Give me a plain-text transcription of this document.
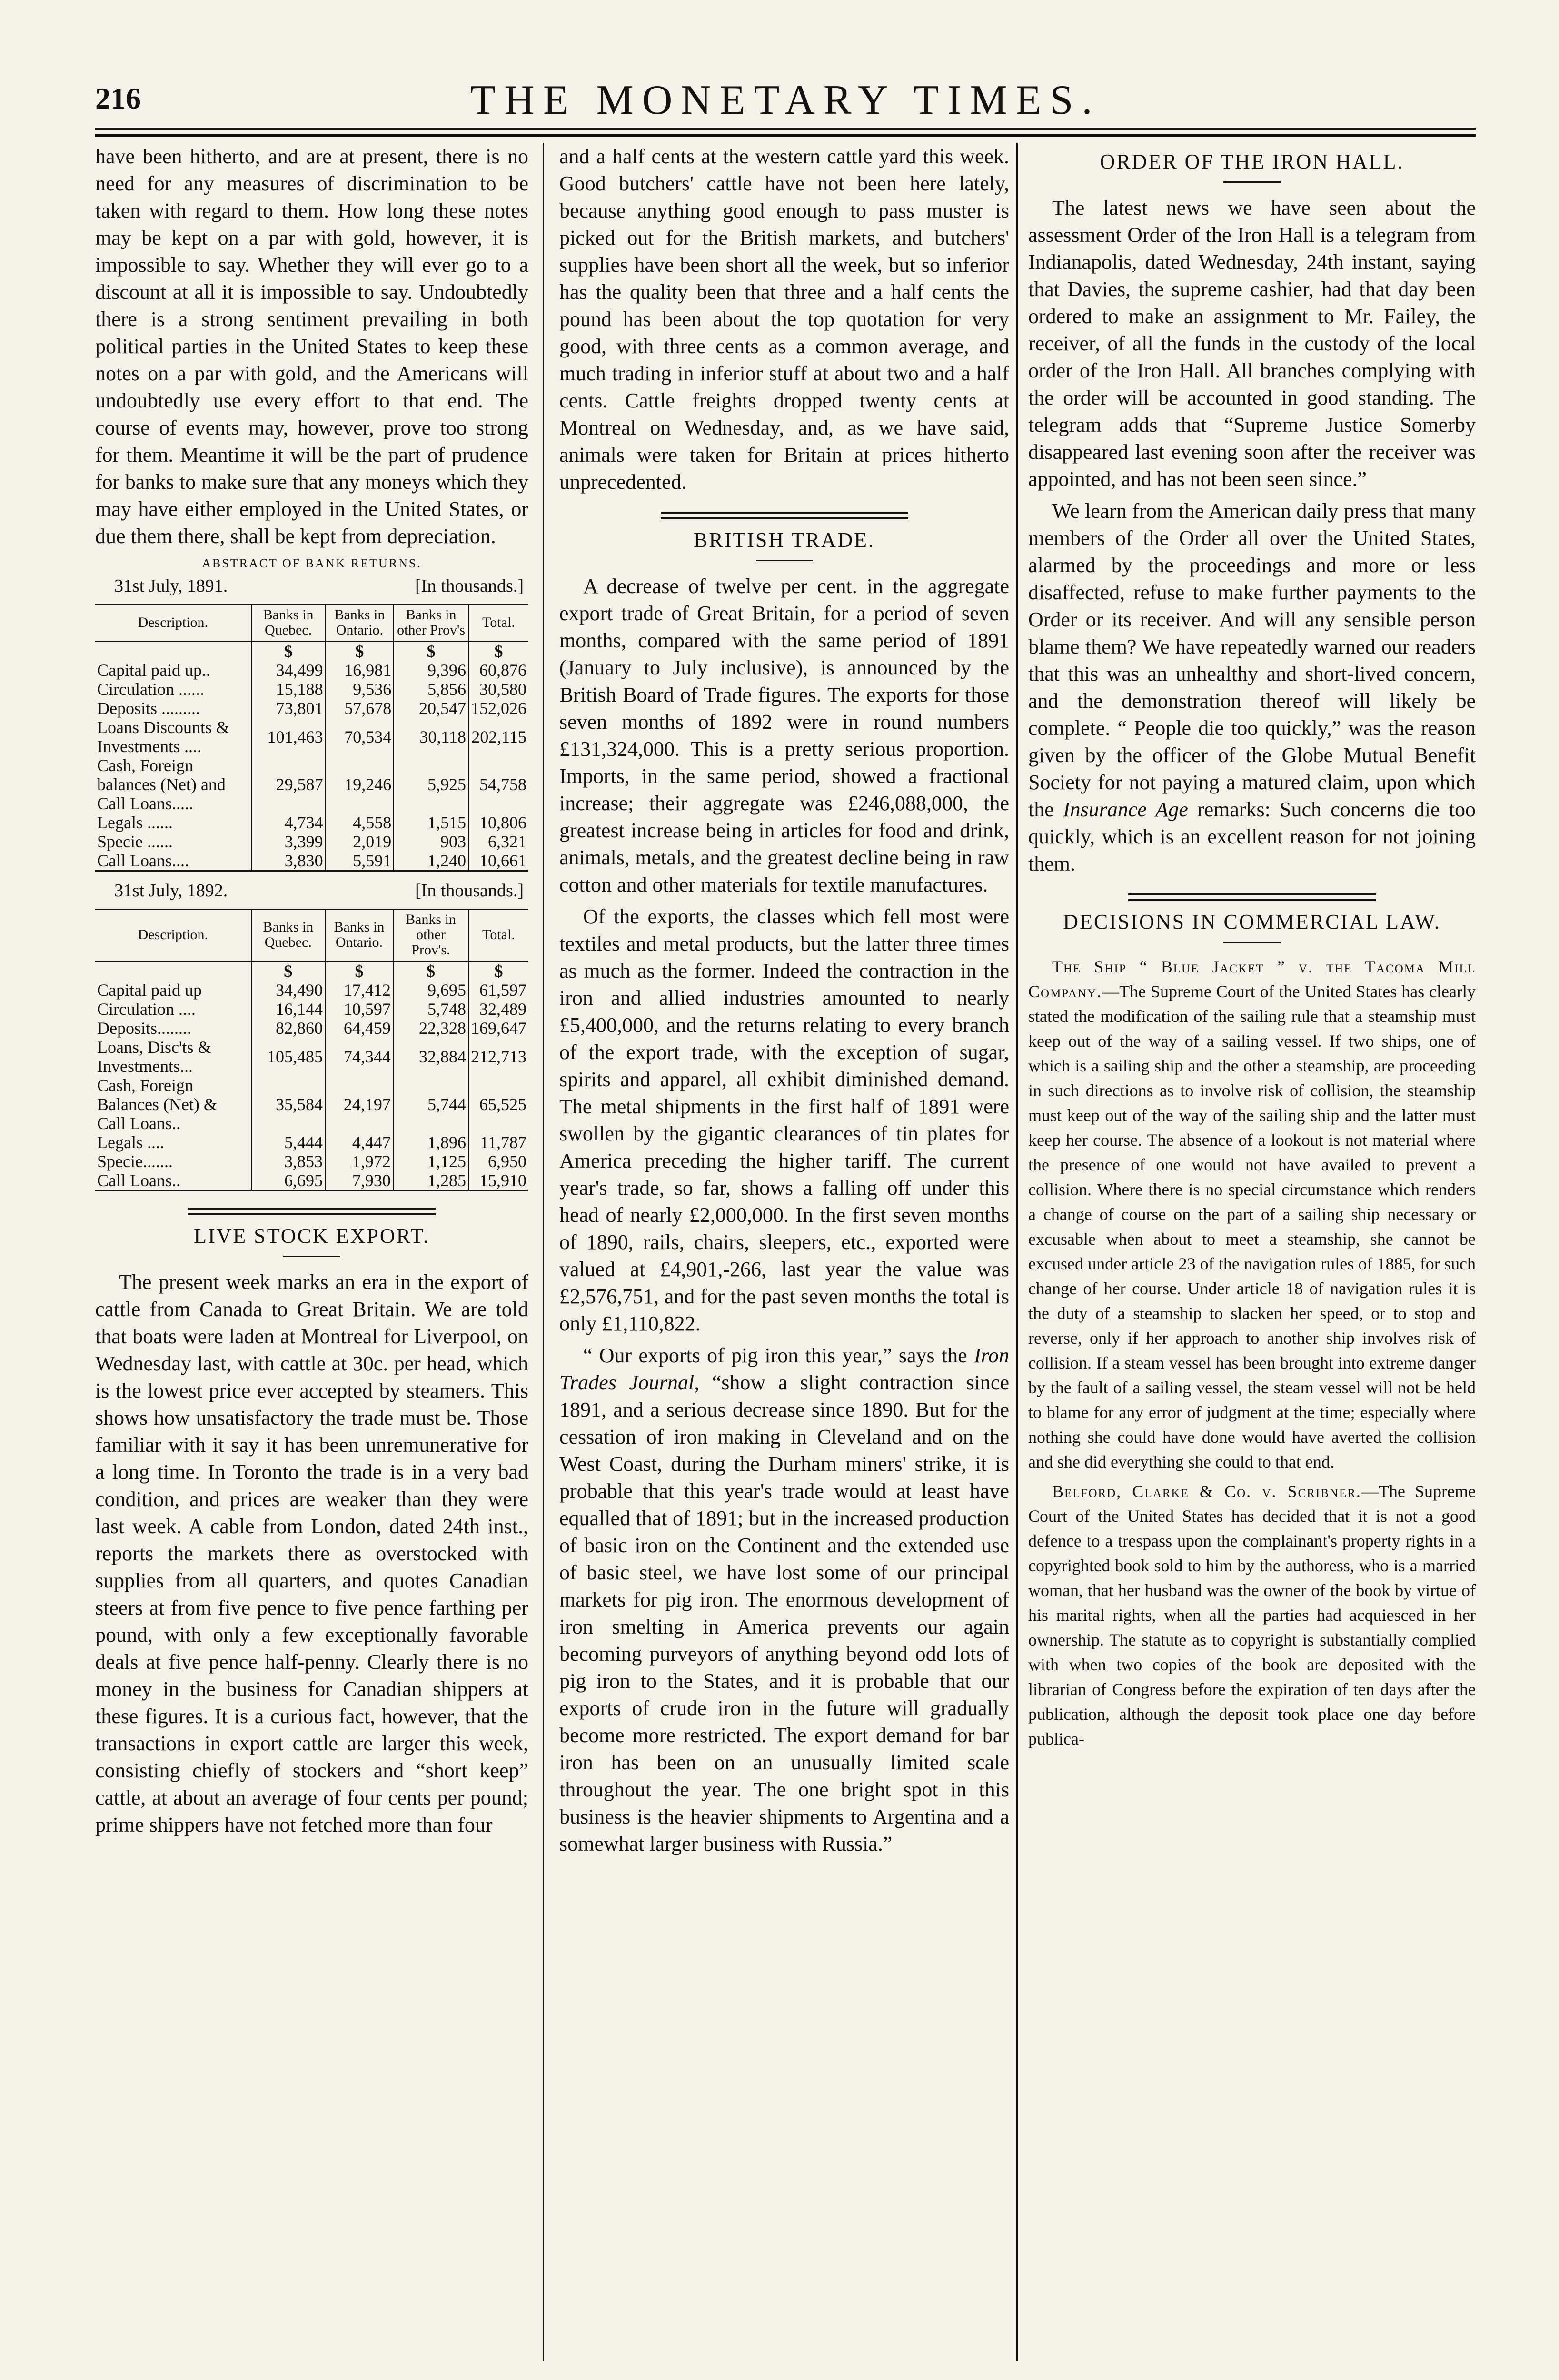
216	THE MONETARY TIMES.

have been hitherto, and are at present, there is no need for any measures of discrimination to be taken with regard to them. How long these notes may be kept on a par with gold, however, it is impossible to say. Whether they will ever go to a discount at all it is impossible to say. Undoubtedly there is a strong sentiment prevailing in both political parties in the United States to keep these notes on a par with gold, and the Americans will undoubtedly use every effort to that end. The course of events may, however, prove too strong for them. Meantime it will be the part of prudence for banks to make sure that any moneys which they may have either employed in the United States, or due them there, shall be kept from depreciation.

ABSTRACT OF BANK RETURNS.
31st July, 1891.	[In thousands.]
Description.	Banks in Quebec.	Banks in Ontario.	Banks in other Prov's	Total.
	$	$	$	$
Capital paid up..	34,499	16,981	9,396	60,876
Circulation ......	15,188	9,536	5,856	30,580
Deposits .........	73,801	57,678	20,547	152,026
Loans Discounts & Investments ....	101,463	70,534	30,118	202,115
Cash, Foreign balances (Net) and Call Loans.....	29,587	19,246	5,925	54,758
Legals ......	4,734	4,558	1,515	10,806
Specie ......	3,399	2,019	903	6,321
Call Loans....	3,830	5,591	1,240	10,661
31st July, 1892.	[In thousands.]
Description.	Banks in Quebec.	Banks in Ontario.	Banks in other Prov's.	Total.
	$	$	$	$
Capital paid up	34,490	17,412	9,695	61,597
Circulation ....	16,144	10,597	5,748	32,489
Deposits........	82,860	64,459	22,328	169,647
Loans, Disc'ts & Investments...	105,485	74,344	32,884	212,713
Cash, Foreign Balances (Net) & Call Loans..	35,584	24,197	5,744	65,525
Legals ....	5,444	4,447	1,896	11,787
Specie.......	3,853	1,972	1,125	6,950
Call Loans..	6,695	7,930	1,285	15,910
LIVE STOCK EXPORT.

The present week marks an era in the export of cattle from Canada to Great Britain. We are told that boats were laden at Montreal for Liverpool, on Wednesday last, with cattle at 30c. per head, which is the lowest price ever accepted by steamers. This shows how unsatisfactory the trade must be. Those familiar with it say it has been unremunerative for a long time. In Toronto the trade is in a very bad condition, and prices are weaker than they were last week. A cable from London, dated 24th inst., reports the markets there as overstocked with supplies from all quarters, and quotes Canadian steers at from five pence to five pence farthing per pound, with only a few exceptionally favorable deals at five pence half-penny. Clearly there is no money in the business for Canadian shippers at these figures. It is a curious fact, however, that the transactions in export cattle are larger this week, consisting chiefly of stockers and “short keep” cattle, at about an average of four cents per pound; prime shippers have not fetched more than four

and a half cents at the western cattle yard this week. Good butchers' cattle have not been here lately, because anything good enough to pass muster is picked out for the British markets, and butchers' supplies have been short all the week, but so inferior has the quality been that three and a half cents the pound has been about the top quotation for very good, with three cents as a common average, and much trading in inferior stuff at about two and a half cents. Cattle freights dropped twenty cents at Montreal on Wednesday, and, as we have said, animals were taken for Britain at prices hitherto unprecedented.

BRITISH TRADE.

A decrease of twelve per cent. in the aggregate export trade of Great Britain, for a period of seven months, compared with the same period of 1891 (January to July inclusive), is announced by the British Board of Trade figures. The exports for those seven months of 1892 were in round numbers £131,324,000. This is a pretty serious proportion. Imports, in the same period, showed a fractional increase; their aggregate was £246,088,000, the greatest increase being in articles for food and drink, animals, metals, and the greatest decline being in raw cotton and other materials for textile manufactures.

Of the exports, the classes which fell most were textiles and metal products, but the latter three times as much as the former. Indeed the contraction in the iron and allied industries amounted to nearly £5,400,000, and the returns relating to every branch of the export trade, with the exception of sugar, spirits and apparel, all exhibit diminished demand. The metal shipments in the first half of 1891 were swollen by the gigantic clearances of tin plates for America preceding the higher tariff. The current year's trade, so far, shows a falling off under this head of nearly £2,000,000. In the first seven months of 1890, rails, chairs, sleepers, etc., exported were valued at £4,901,-266, last year the value was £2,576,751, and for the past seven months the total is only £1,110,822.

“ Our exports of pig iron this year,” says the Iron Trades Journal, “show a slight contraction since 1891, and a serious decrease since 1890. But for the cessation of iron making in Cleveland and on the West Coast, during the Durham miners' strike, it is probable that this year's trade would at least have equalled that of 1891; but in the increased production of basic iron on the Continent and the extended use of basic steel, we have lost some of our principal markets for pig iron. The enormous development of iron smelting in America prevents our again becoming purveyors of anything beyond odd lots of pig iron to the States, and it is probable that our exports of crude iron in the future will gradually become more restricted. The export demand for bar iron has been on an unusually limited scale throughout the year. The one bright spot in this business is the heavier shipments to Argentina and a somewhat larger business with Russia.”

ORDER OF THE IRON HALL.

The latest news we have seen about the assessment Order of the Iron Hall is a telegram from Indianapolis, dated Wednesday, 24th instant, saying that Davies, the supreme cashier, had that day been ordered to make an assignment to Mr. Failey, the receiver, of all the funds in the custody of the local order of the Iron Hall. All branches complying with the order will be accounted in good standing. The telegram adds that “Supreme Justice Somerby disappeared last evening soon after the receiver was appointed, and has not been seen since.”

We learn from the American daily press that many members of the Order all over the United States, alarmed by the proceedings and more or less disaffected, refuse to make further payments to the Order or its receiver. And will any sensible person blame them? We have repeatedly warned our readers that this was an unhealthy and short-lived concern, and the demonstration thereof will likely be complete. “ People die too quickly,” was the reason given by the officer of the Globe Mutual Benefit Society for not paying a matured claim, upon which the Insurance Age remarks: Such concerns die too quickly, which is an excellent reason for not joining them.

DECISIONS IN COMMERCIAL LAW.

The Ship “ Blue Jacket ” v. the Tacoma Mill Company.—The Supreme Court of the United States has clearly stated the modification of the sailing rule that a steamship must keep out of the way of a sailing vessel. If two ships, one of which is a sailing ship and the other a steamship, are proceeding in such directions as to involve risk of collision, the steamship must keep out of the way of the sailing ship and the latter must keep her course. The absence of a lookout is not material where the presence of one would not have availed to prevent a collision. Where there is no special circumstance which renders a change of course on the part of a sailing ship necessary or excusable when about to meet a steamship, she cannot be excused under article 23 of the navigation rules of 1885, for such change of her course. Under article 18 of navigation rules it is the duty of a steamship to slacken her speed, or to stop and reverse, only if her approach to another ship involves risk of collision. If a steam vessel has been brought into extreme danger by the fault of a sailing vessel, the steam vessel will not be held to blame for any error of judgment at the time; especially where nothing she could have done would have averted the collision and she did everything she could to that end.

Belford, Clarke & Co. v. Scribner.—The Supreme Court of the United States has decided that it is not a good defence to a trespass upon the complainant's property rights in a copyrighted book sold to him by the authoress, who is a married woman, that her husband was the owner of the book by virtue of his marital rights, when all the parties had acquiesced in her ownership. The statute as to copyright is substantially complied with when two copies of the book are deposited with the librarian of Congress before the expiration of ten days after the publication, although the deposit took place one day before publica-
